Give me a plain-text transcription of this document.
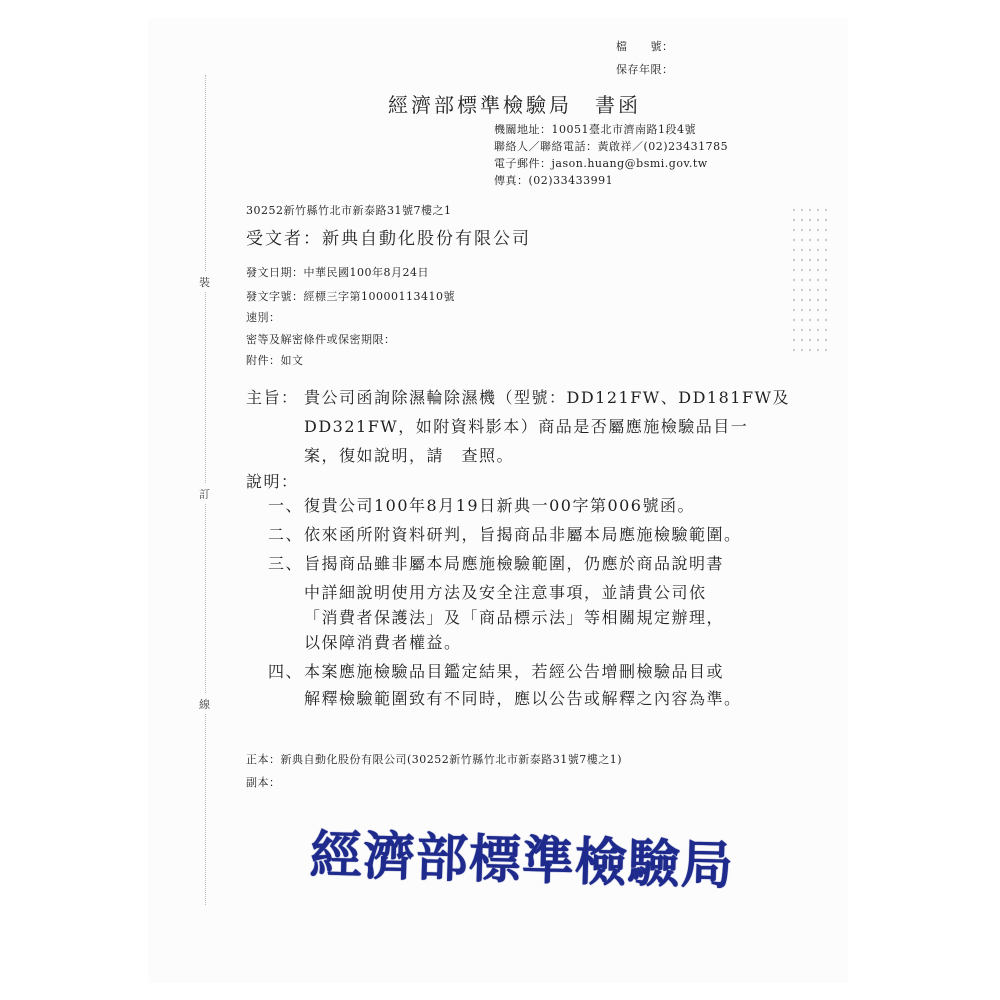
裝
訂
線
檔　　號：
保存年限：
經濟部標準檢驗局　書函
機關地址：10051臺北市濟南路1段4號
聯絡人／聯絡電話：黃啟祥／(02)23431785
電子郵件：jason.huang@bsmi.gov.tw
傳真：(02)33433991
30252新竹縣竹北市新泰路31號7樓之1
受文者：新典自動化股份有限公司
發文日期：中華民國100年8月24日
發文字號：經標三字第10000113410號
速別：
密等及解密條件或保密期限：
附件：如文
主旨： 貴公司函詢除濕輪除濕機（型號：DD121FW、DD181FW及
DD321FW，如附資料影本）商品是否屬應施檢驗品目一
案，復如說明，請　查照。
說明：
一、 復貴公司100年8月19日新典一00字第006號函。
二、 依來函所附資料研判，旨揭商品非屬本局應施檢驗範圍。
三、 旨揭商品雖非屬本局應施檢驗範圍，仍應於商品說明書
中詳細說明使用方法及安全注意事項，並請貴公司依
「消費者保護法」及「商品標示法」等相關規定辦理，
以保障消費者權益。
四、 本案應施檢驗品目鑑定結果，若經公告增刪檢驗品目或
解釋檢驗範圍致有不同時，應以公告或解釋之內容為準。
正本：新典自動化股份有限公司(30252新竹縣竹北市新泰路31號7樓之1)
副本：
經濟部標準檢驗局
